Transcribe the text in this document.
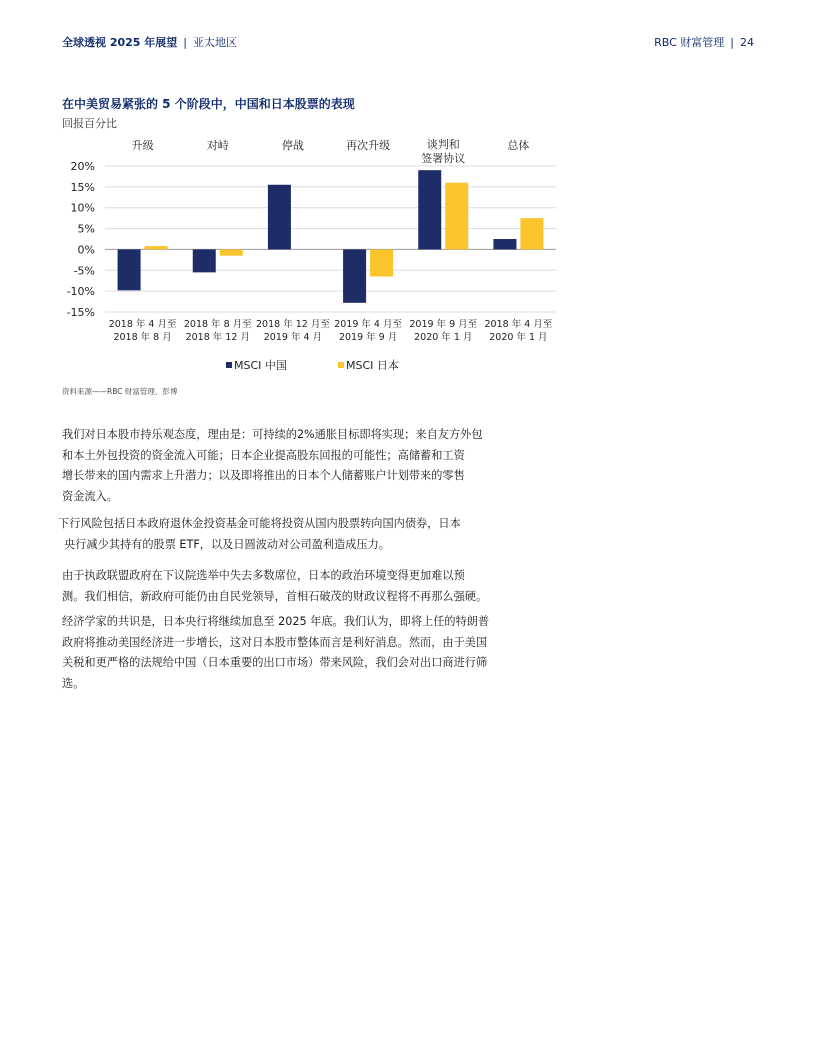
全球透视 2025 年展望 | 亚太地区	RBC 财富管理 | 24
在中美贸易紧张的 5 个阶段中，中国和日本股票的表现
回报百分比
20%
15%
10%
5%
0%
-5%
-10%
-15%
升级	对峙	停战	再次升级	谈判和
签署协议
总体
2018 年 4 月至
2018 年 8 月
2018 年 8 月至
2018 年 12 月
2018 年 12 月至
2019 年 4 月
2019 年 4 月至
2019 年 9 月
2019 年 9 月至
2020 年 1 月
2018 年 4 月至
2020 年 1 月
MSCI 中国	MSCI 日本
资料来源——RBC 财富管理、彭博

我们对日本股市持乐观态度，理由是：可持续的2%通胀目标即将实现；来自友方外包
和本土外包投资的资金流入可能；日本企业提高股东回报的可能性；高储蓄和工资
增长带来的国内需求上升潜力；以及即将推出的日本个人储蓄账户计划带来的零售
资金流入。

下行风险包括日本政府退休金投资基金可能将投资从国内股票转向国内债券，日本
央行减少其持有的股票 ETF，以及日圆波动对公司盈利造成压力。

由于执政联盟政府在下议院选举中失去多数席位，日本的政治环境变得更加难以预
测。我们相信，新政府可能仍由自民党领导，首相石破茂的财政议程将不再那么强硬。

经济学家的共识是，日本央行将继续加息至 2025 年底。我们认为，即将上任的特朗普
政府将推动美国经济进一步增长，这对日本股市整体而言是利好消息。然而，由于美国
关税和更严格的法规给中国（日本重要的出口市场）带来风险，我们会对出口商进行筛
选。
